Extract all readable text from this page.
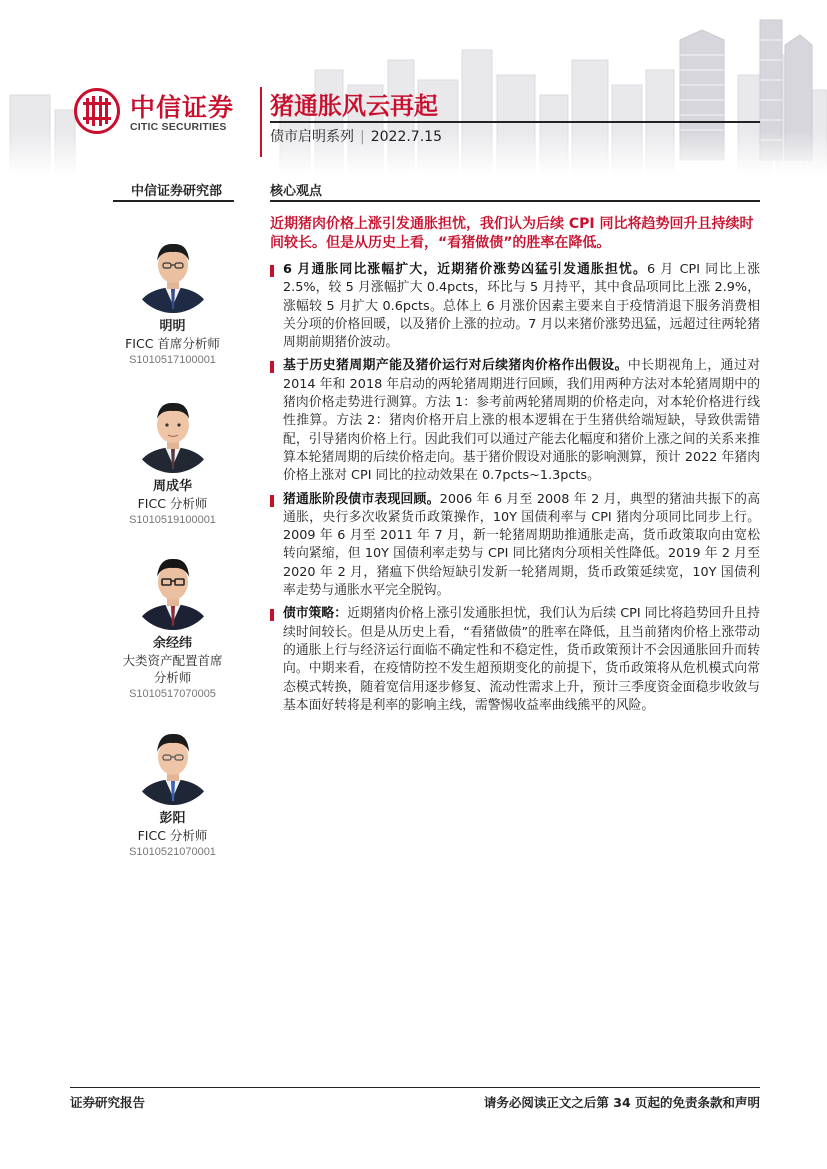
中信证券
CITIC SECURITIES
猪通胀风云再起
债市启明系列 | 2022.7.15
中信证券研究部	核心观点
明明
FICC 首席分析师
S1010517100001
周成华
FICC 分析师
S1010519100001
余经纬
大类资产配置首席
分析师
S1010517070005
彭阳
FICC 分析师
S1010521070001
近期猪肉价格上涨引发通胀担忧，我们认为后续 CPI 同比将趋势回升且持续时间较长。但是从历史上看，“看猪做债”的胜率在降低。
6 月通胀同比涨幅扩大，近期猪价涨势凶猛引发通胀担忧。6 月 CPI 同比上涨 2.5%，较 5 月涨幅扩大 0.4pcts，环比与 5 月持平，其中食品项同比上涨 2.9%，涨幅较 5 月扩大 0.6pcts。总体上 6 月涨价因素主要来自于疫情消退下服务消费相关分项的价格回暖，以及猪价上涨的拉动。7 月以来猪价涨势迅猛，远超过往两轮猪周期前期猪价波动。
基于历史猪周期产能及猪价运行对后续猪肉价格作出假设。中长期视角上，通过对 2014 年和 2018 年启动的两轮猪周期进行回顾，我们用两种方法对本轮猪周期中的猪肉价格走势进行测算。方法 1：参考前两轮猪周期的价格走向，对本轮价格进行线性推算。方法 2：猪肉价格开启上涨的根本逻辑在于生猪供给端短缺，导致供需错配，引导猪肉价格上行。因此我们可以通过产能去化幅度和猪价上涨之间的关系来推算本轮猪周期的后续价格走向。基于猪价假设对通胀的影响测算，预计 2022 年猪肉价格上涨对 CPI 同比的拉动效果在 0.7pcts~1.3pcts。
猪通胀阶段债市表现回顾。2006 年 6 月至 2008 年 2 月，典型的猪油共振下的高通胀，央行多次收紧货币政策操作，10Y 国债利率与 CPI 猪肉分项同比同步上行。2009 年 6 月至 2011 年 7 月，新一轮猪周期助推通胀走高，货币政策取向由宽松转向紧缩，但 10Y 国债利率走势与 CPI 同比猪肉分项相关性降低。2019 年 2 月至 2020 年 2 月，猪瘟下供给短缺引发新一轮猪周期，货币政策延续宽，10Y 国债利率走势与通胀水平完全脱钩。
债市策略：近期猪肉价格上涨引发通胀担忧，我们认为后续 CPI 同比将趋势回升且持续时间较长。但是从历史上看，“看猪做债”的胜率在降低，且当前猪肉价格上涨带动的通胀上行与经济运行面临不确定性和不稳定性，货币政策预计不会因通胀回升而转向。中期来看，在疫情防控不发生超预期变化的前提下，货币政策将从危机模式向常态模式转换，随着宽信用逐步修复、流动性需求上升，预计三季度资金面稳步收敛与基本面好转将是利率的影响主线，需警惕收益率曲线熊平的风险。
证券研究报告	请务必阅读正文之后第 34 页起的免责条款和声明
